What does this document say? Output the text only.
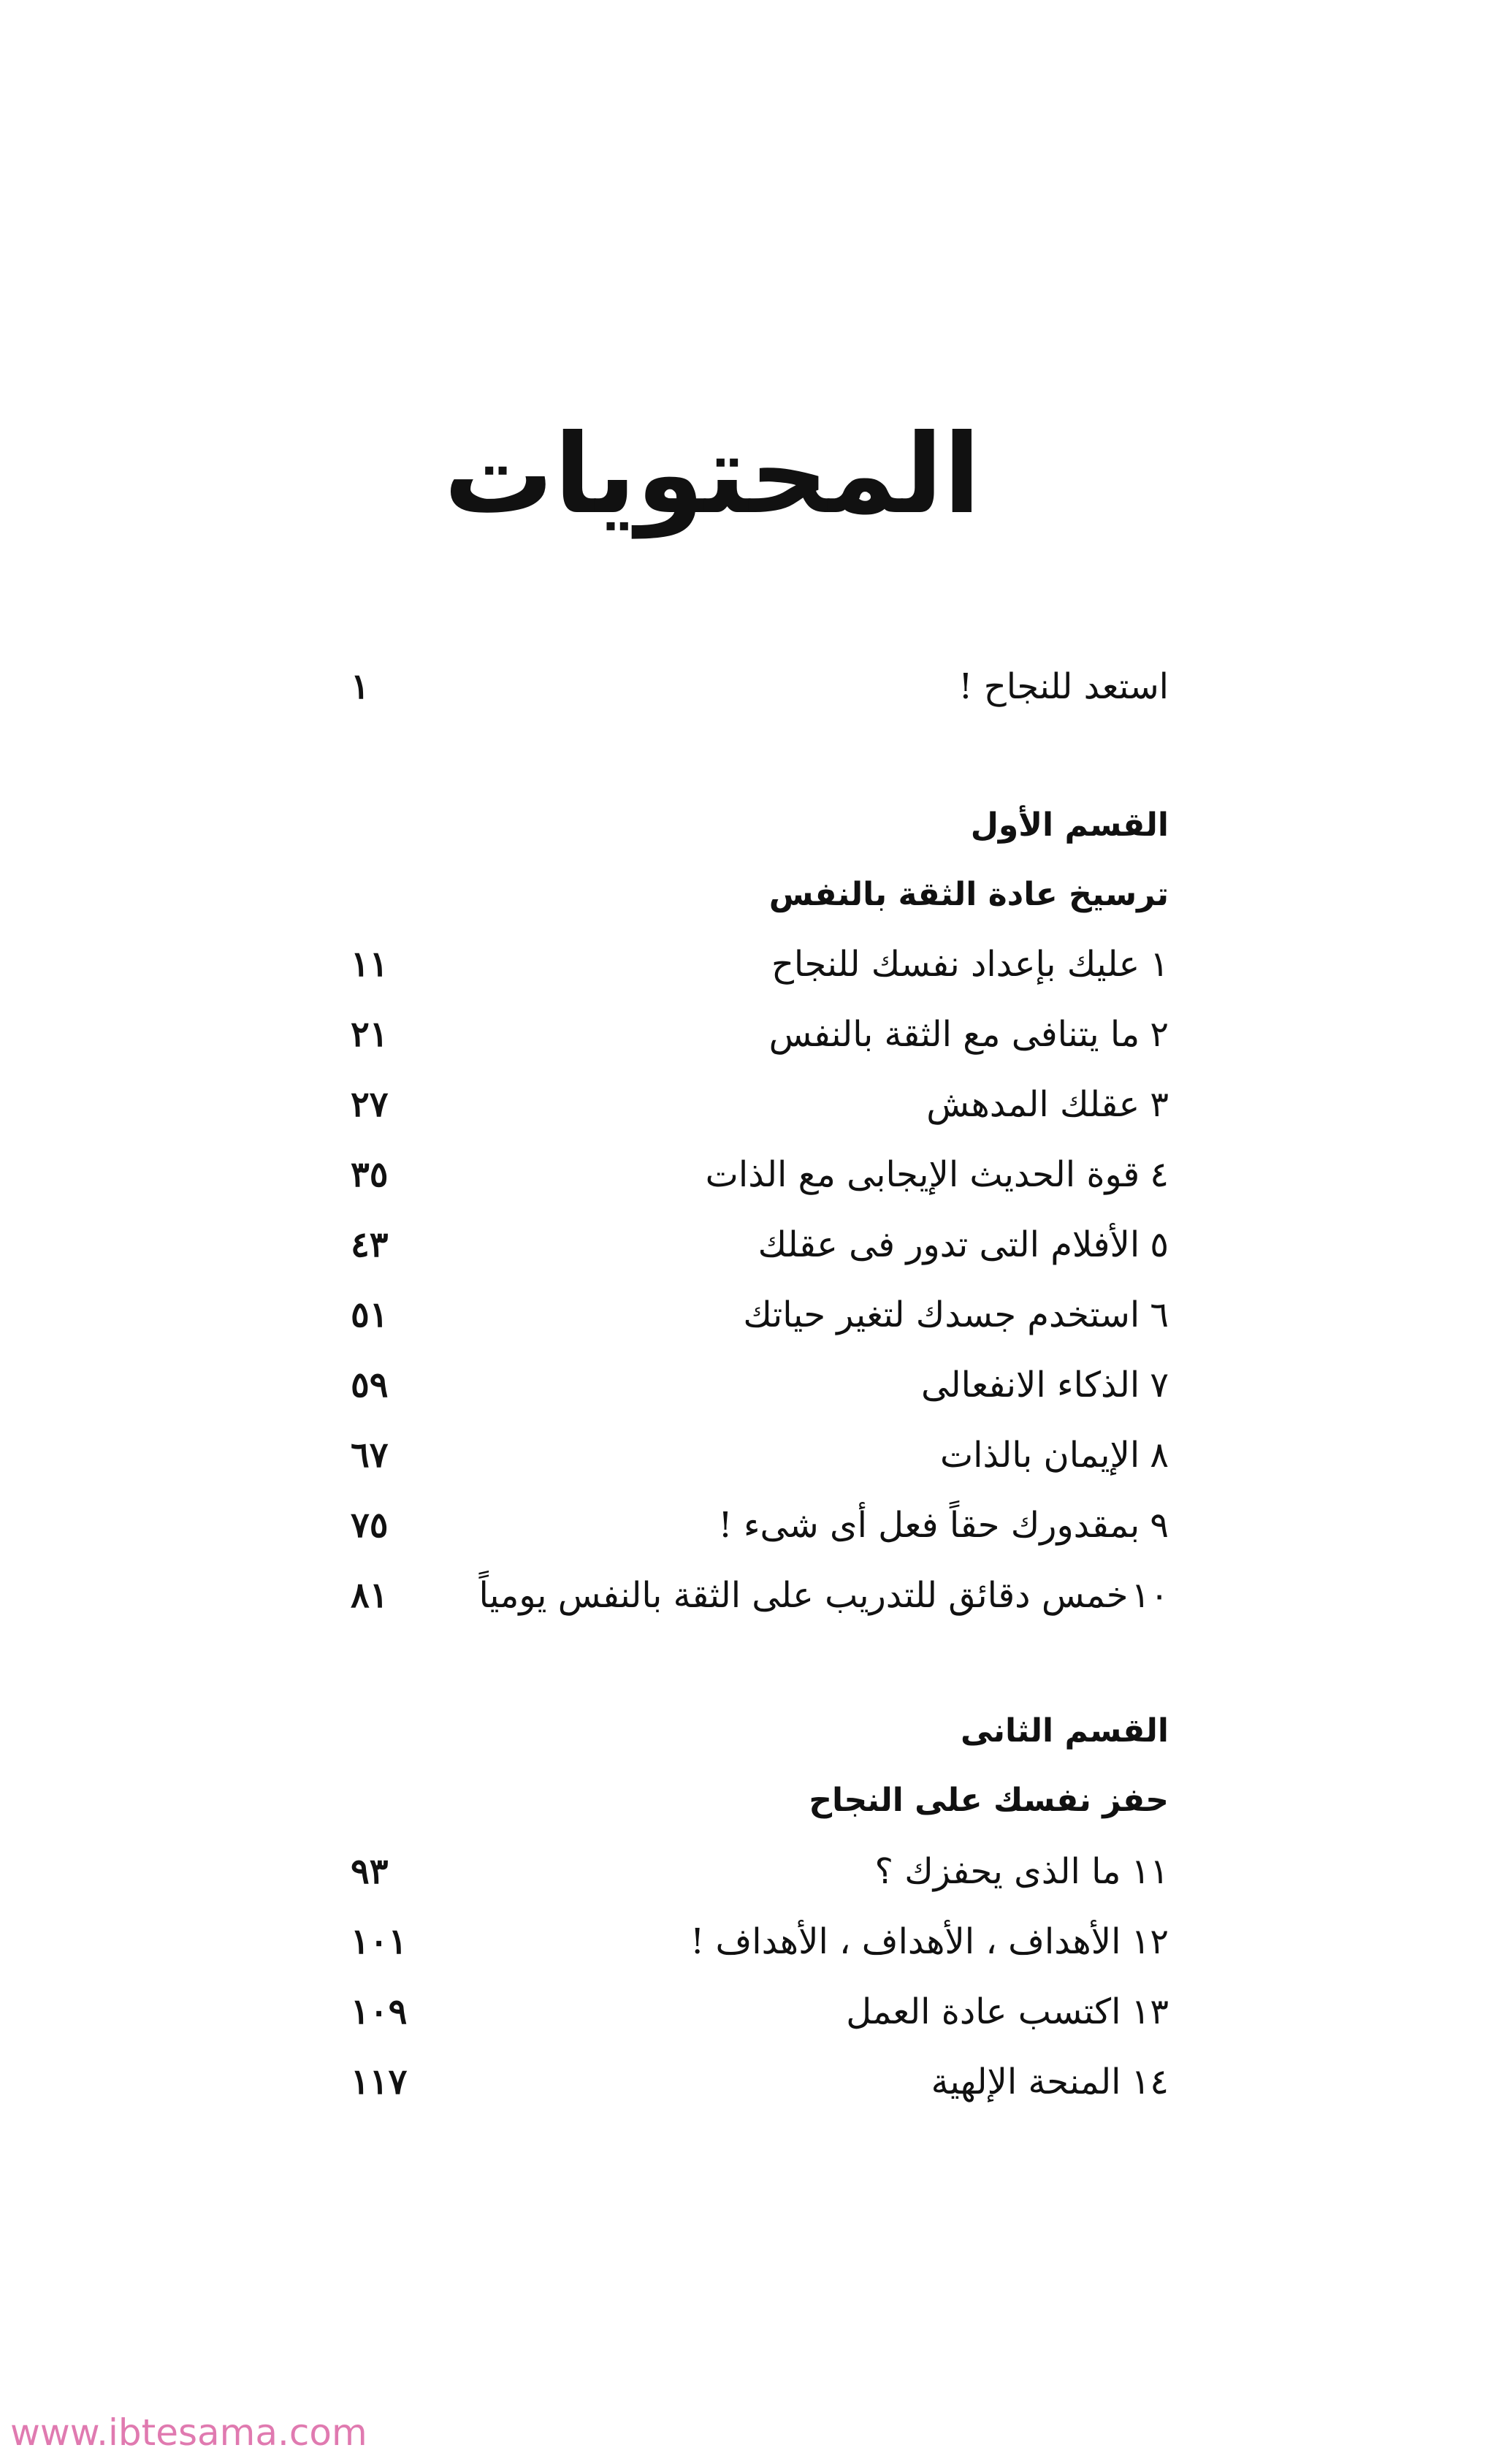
المحتويات
استعد للنجاح !
١
القسم الأول
ترسيخ عادة الثقة بالنفس
١عليك بإعداد نفسك للنجاح
١١
٢ما يتنافى مع الثقة بالنفس
٢١
٣عقلك المدهش
٢٧
٤قوة الحديث الإيجابى مع الذات
٣٥
٥الأفلام التى تدور فى عقلك
٤٣
٦استخدم جسدك لتغير حياتك
٥١
٧الذكاء الانفعالى
٥٩
٨الإيمان بالذات
٦٧
٩بمقدورك حقاً فعل أى شىء !
٧٥
١٠خمس دقائق للتدريب على الثقة بالنفس يومياً
٨١
القسم الثانى
حفز نفسك على النجاح
١١ما الذى يحفزك ؟
٩٣
١٢الأهداف ، الأهداف ، الأهداف !
١٠١
١٣اكتسب عادة العمل
١٠٩
١٤المنحة الإلهية
١١٧
www.ibtesama.com
